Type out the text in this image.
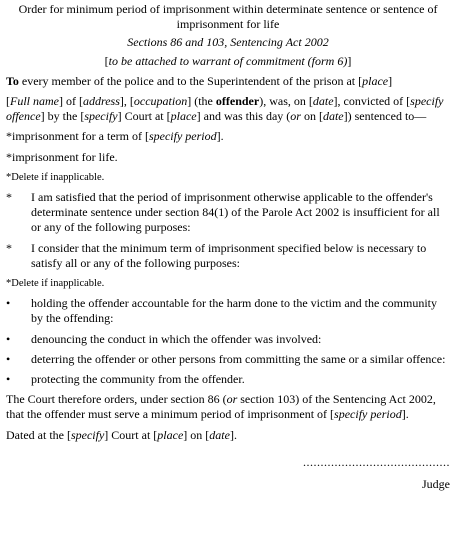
Order for minimum period of imprisonment within determinate sentence or sentence of imprisonment for life
Sections 86 and 103, Sentencing Act 2002
[to be attached to warrant of commitment (form 6)]

To every member of the police and to the Superintendent of the prison at [place]

[Full name] of [address], [occupation] (the offender), was, on [date], convicted of [specify offence] by the [specify] Court at [place] and was this day (or on [date]) sentenced to—

*imprisonment for a term of [specify period].

*imprisonment for life.

*Delete if inapplicable.

*	I am satisfied that the period of imprisonment otherwise applicable to the offender's determinate sentence under section 84(1) of the Parole Act 2002 is insufficient for all or any of the following purposes:
*	I consider that the minimum term of imprisonment specified below is necessary to satisfy all or any of the following purposes:

*Delete if inapplicable.

•	holding the offender accountable for the harm done to the victim and the community by the offending:
•	denouncing the conduct in which the offender was involved:
•	deterring the offender or other persons from committing the same or a similar offence:
•	protecting the community from the offender.

The Court therefore orders, under section 86 (or section 103) of the Sentencing Act 2002, that the offender must serve a minimum period of imprisonment of [specify period].

Dated at the [specify] Court at [place] on [date].

..........................................
Judge
